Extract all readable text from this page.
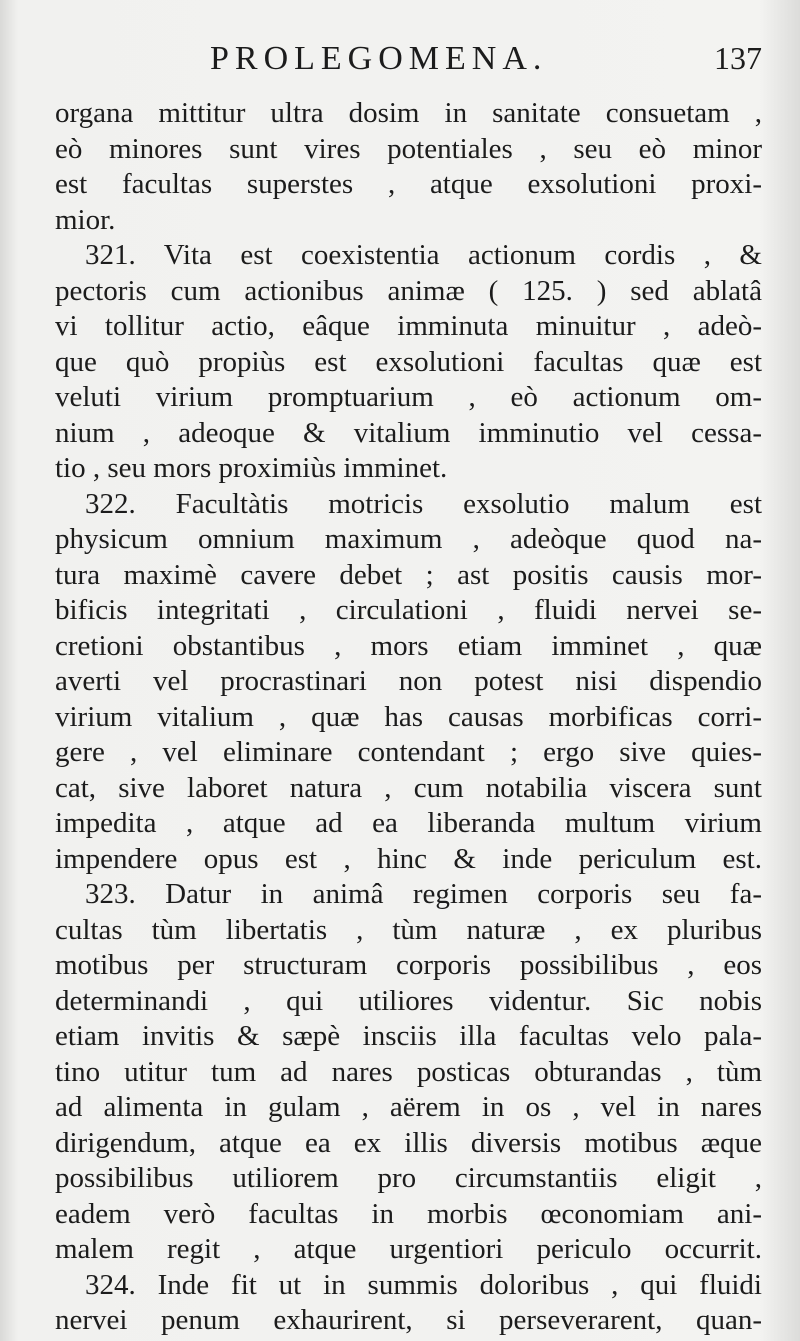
PROLEGOMENA.	137
organa mittitur ultra dosim in sanitate consuetam ,
eò minores sunt vires potentiales , seu eò minor
est facultas superstes , atque exsolutioni proxi-
mior.
321. Vita est coexistentia actionum cordis , &
pectoris cum actionibus animæ ( 125. ) sed ablatâ
vi tollitur actio, eâque imminuta minuitur , adeò-
que quò propiùs est exsolutioni facultas quæ est
veluti virium promptuarium , eò actionum om-
nium , adeoque & vitalium imminutio vel cessa-
tio , seu mors proximiùs imminet.
322. Facultàtis motricis exsolutio malum est
physicum omnium maximum , adeòque quod na-
tura maximè cavere debet ; ast positis causis mor-
bificis integritati , circulationi , fluidi nervei se-
cretioni obstantibus , mors etiam imminet , quæ
averti vel procrastinari non potest nisi dispendio
virium vitalium , quæ has causas morbificas corri-
gere , vel eliminare contendant ; ergo sive quies-
cat, sive laboret natura , cum notabilia viscera sunt
impedita , atque ad ea liberanda multum virium
impendere opus est , hinc & inde periculum est.
323. Datur in animâ regimen corporis seu fa-
cultas tùm libertatis , tùm naturæ , ex pluribus
motibus per structuram corporis possibilibus , eos
determinandi , qui utiliores videntur. Sic nobis
etiam invitis & sæpè insciis illa facultas velo pala-
tino utitur tum ad nares posticas obturandas , tùm
ad alimenta in gulam , aërem in os , vel in nares
dirigendum, atque ea ex illis diversis motibus æque
possibilibus utiliorem pro circumstantiis eligit ,
eadem verò facultas in morbis œconomiam ani-
malem regit , atque urgentiori periculo occurrit.
324. Inde fit ut in summis doloribus , qui fluidi
nervei penum exhaurirent, si perseverarent, quan-
